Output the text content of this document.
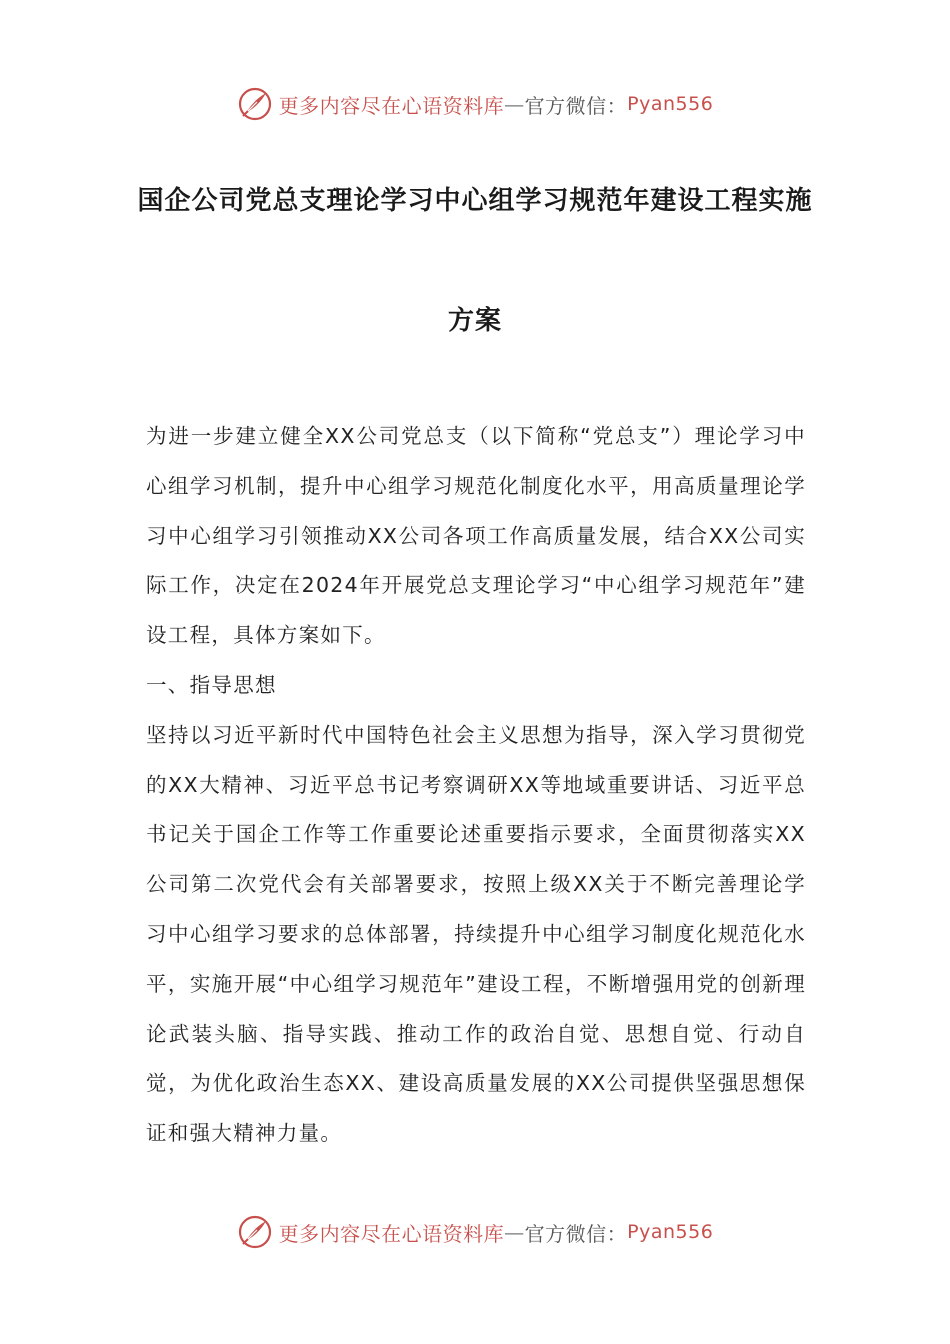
更多内容尽在心语资料库 — 官方微信： Pyan556
国企公司党总支理论学习中心组学习规范年建设工程实施
方案

为进一步建立健全XX公司党总支（以下简称“党总支”）理论学习中心组学习机制，提升中心组学习规范化制度化水平，用高质量理论学习中心组学习引领推动XX公司各项工作高质量发展，结合XX公司实际工作，决定在2024年开展党总支理论学习“中心组学习规范年”建设工程，具体方案如下。

一、指导思想

坚持以习近平新时代中国特色社会主义思想为指导，深入学习贯彻党的XX大精神、习近平总书记考察调研XX等地域重要讲话、习近平总书记关于国企工作等工作重要论述重要指示要求，全面贯彻落实XX公司第二次党代会有关部署要求，按照上级XX关于不断完善理论学习中心组学习要求的总体部署，持续提升中心组学习制度化规范化水平，实施开展“中心组学习规范年”建设工程，不断增强用党的创新理论武装头脑、指导实践、推动工作的政治自觉、思想自觉、行动自觉，为优化政治生态XX、建设高质量发展的XX公司提供坚强思想保证和强大精神力量。

更多内容尽在心语资料库 — 官方微信： Pyan556
